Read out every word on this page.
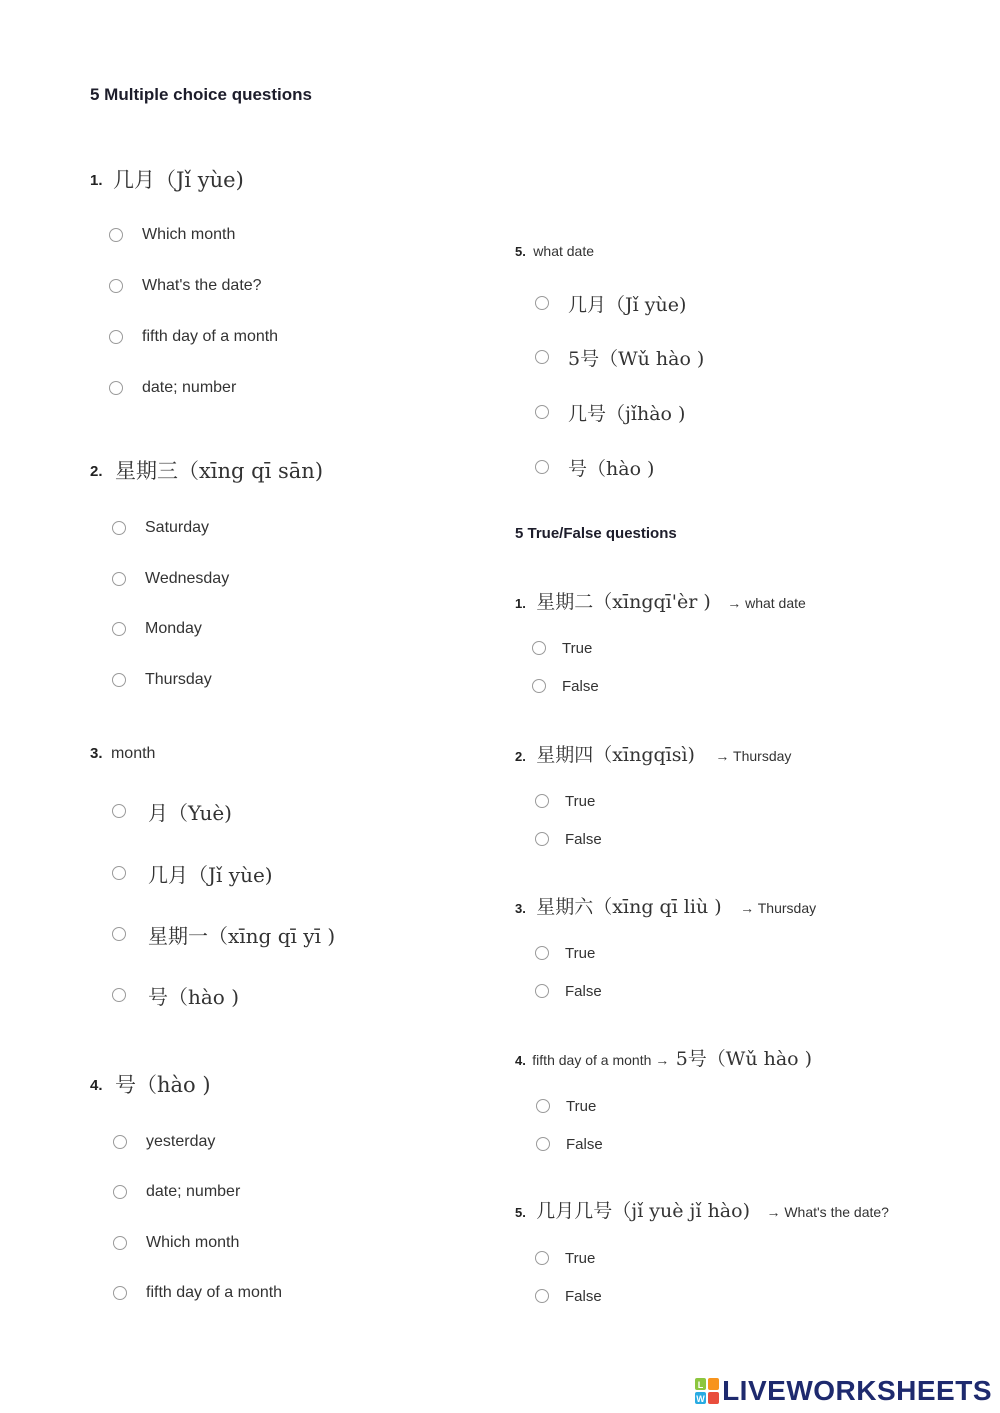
5 Multiple choice questions
1. 几月（Jǐ yùe)
Which month
What's the date?
fifth day of a month
date; number
2. 星期三（xīng qī sān)
Saturday
Wednesday
Monday
Thursday
3. month
月（Yuè)
几月（Jǐ yùe)
星期一（xīng qī yī )
号（hào )
4. 号（hào )
yesterday
date; number
Which month
fifth day of a month
5. what date
几月（Jǐ yùe)
5号（Wǔ hào )
几号（jǐhào )
号（hào )
5 True/False questions
1. 星期二（xīngqī'èr ) → what date
True
False
2. 星期四（xīngqīsì) → Thursday
True
False
3. 星期六（xīng qī liù ) → Thursday
True
False
4. fifth day of a month → 5号（Wǔ hào )
True
False
5. 几月几号（jǐ yuè jǐ hào) → What's the date?
True
False
L
W LIVEWORKSHEETS
